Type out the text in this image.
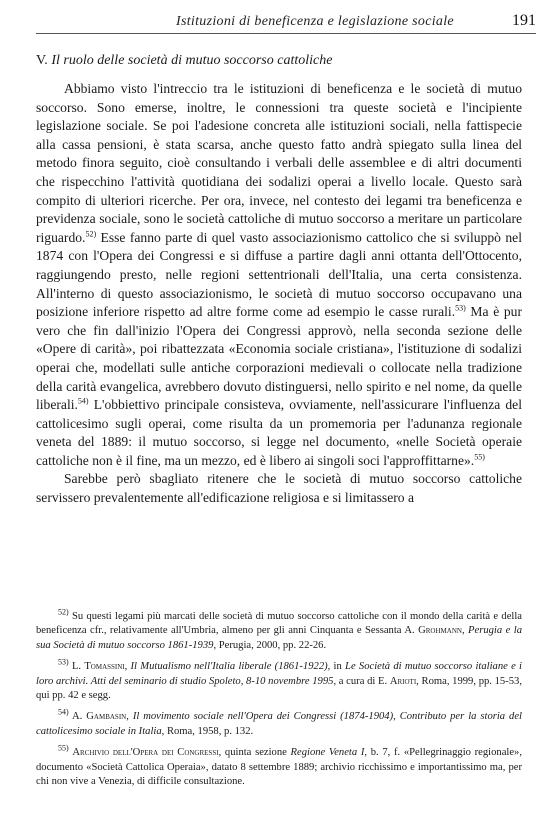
Istituzioni di beneficenza e legislazione sociale	191
V. Il ruolo delle società di mutuo soccorso cattoliche

Abbiamo visto l'intreccio tra le istituzioni di beneficenza e le società di mutuo soccorso. Sono emerse, inoltre, le connessioni tra queste società e l'incipiente legislazione sociale. Se poi l'adesione concreta alle istituzioni sociali, nella fattispecie alla cassa pensioni, è stata scarsa, anche questo fatto andrà spiegato sulla linea del metodo finora seguito, cioè consultando i verbali delle assemblee e di altri documenti che rispecchino l'attività quotidiana dei sodalizi operai a livello locale. Questo sarà compito di ulteriori ricerche. Per ora, invece, nel contesto dei legami tra beneficenza e previdenza sociale, sono le società cattoliche di mutuo soccorso a meritare un particolare riguardo.$^{52)}$ Esse fanno parte di quel vasto associazionismo cattolico che si sviluppò nel 1874 con l'Opera dei Congressi e si diffuse a partire dagli anni ottanta dell'Ottocento, raggiungendo presto, nelle regioni settentrionali dell'Italia, una certa consistenza. All'interno di questo associazionismo, le società di mutuo soccorso occupavano una posizione inferiore rispetto ad altre forme come ad esempio le casse rurali.$^{53)}$ Ma è pur vero che fin dall'inizio l'Opera dei Congressi approvò, nella seconda sezione delle «Opere di carità», poi ribattezzata «Economia sociale cristiana», l'istituzione di sodalizi operai che, modellati sulle antiche corporazioni medievali o collocate nella tradizione della carità evangelica, avrebbero dovuto distinguersi, nello spirito e nel nome, da quelle liberali.$^{54)}$ L'obbiettivo principale consisteva, ovviamente, nell'assicurare l'influenza del cattolicesimo sugli operai, come risulta da un promemoria per l'adunanza regionale veneta del 1889: il mutuo soccorso, si legge nel documento, «nelle Società operaie cattoliche non è il fine, ma un mezzo, ed è libero ai singoli soci l'approffittarne».$^{55)}$

Sarebbe però sbagliato ritenere che le società di mutuo soccorso cattoliche servissero prevalentemente all'edificazione religiosa e si limitassero a

$^{52)}$ Su questi legami più marcati delle società di mutuo soccorso cattoliche con il mondo della carità e della beneficenza cfr., relativamente all'Umbria, almeno per gli anni Cinquanta e Sessanta A. Grohmann, Perugia e la sua Società di mutuo soccorso 1861-1939, Perugia, 2000, pp. 22-26.

$^{53)}$ L. Tomassini, Il Mutualismo nell'Italia liberale (1861-1922), in Le Società di mutuo soccorso italiane e i loro archivi. Atti del seminario di studio Spoleto, 8-10 novembre 1995, a cura di E. Arioti, Roma, 1999, pp. 15-53, qui pp. 42 e segg.

$^{54)}$ A. Gambasin, Il movimento sociale nell'Opera dei Congressi (1874-1904), Contributo per la storia del cattolicesimo sociale in Italia, Roma, 1958, p. 132.

$^{55)}$ Archivio dell'Opera dei Congressi, quinta sezione Regione Veneta I, b. 7, f. «Pellegrinaggio regionale», documento «Società Cattolica Operaia», datato 8 settembre 1889; archivio ricchissimo e importantissimo ma, per chi non vive a Venezia, di difficile consultazione.
